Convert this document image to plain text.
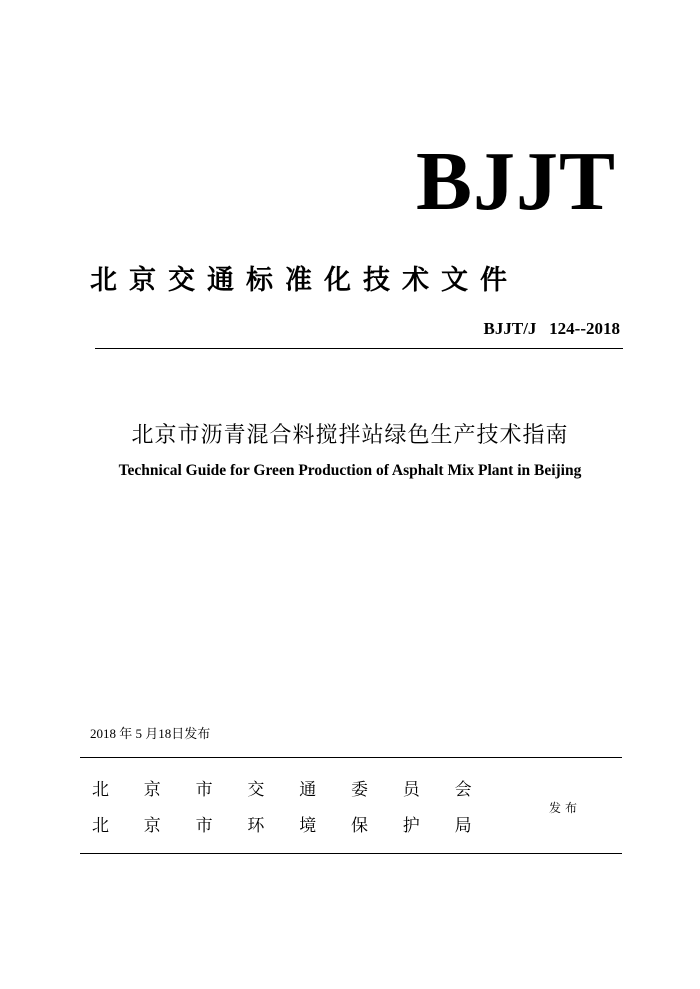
BJJT
北京交通标准化技术文件
BJJT/J   124--2018
北京市沥青混合料搅拌站绿色生产技术指南
Technical Guide for Green Production of Asphalt Mix Plant in Beijing
2018 年 5 月18日发布
北	京	市	交	通	委	员	会
北	京	市	环	境	保	护	局
发布
